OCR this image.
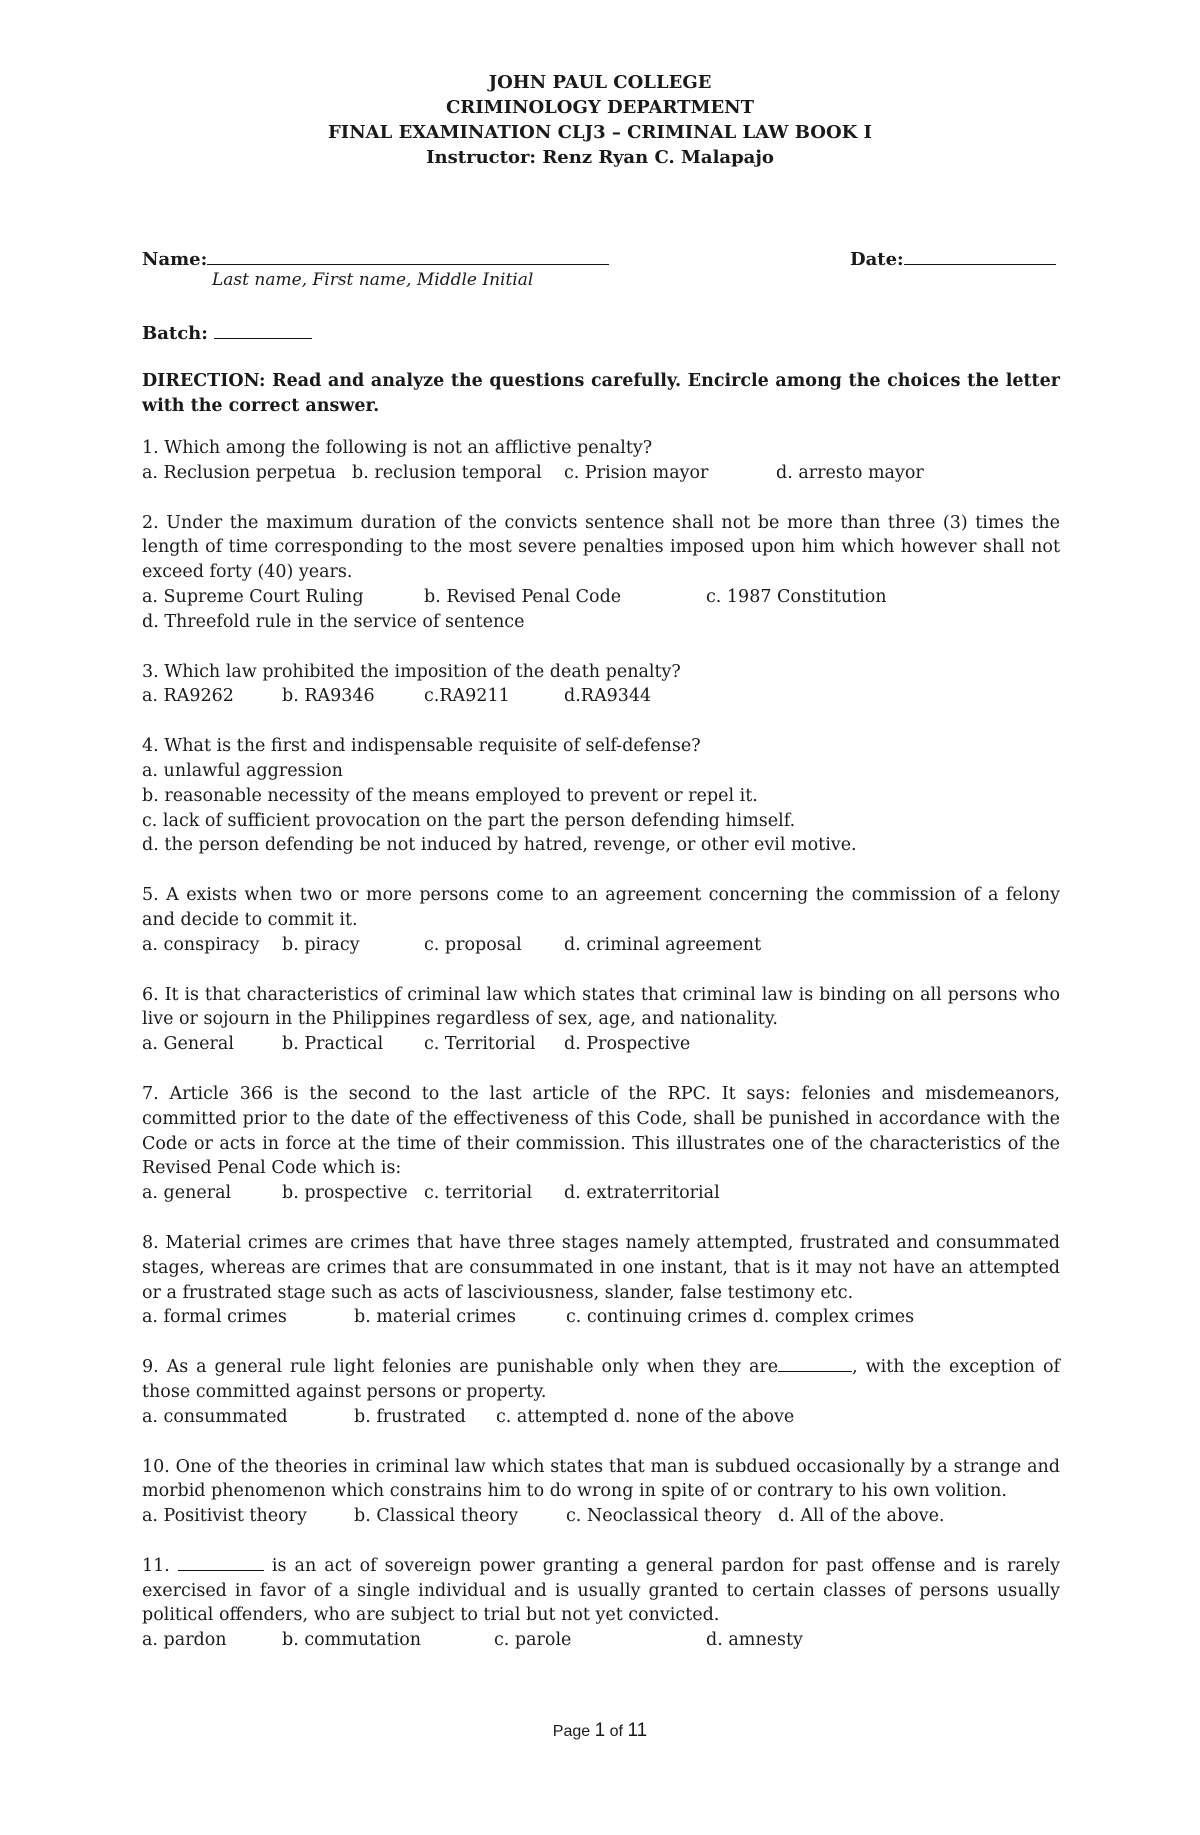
JOHN PAUL COLLEGE
CRIMINOLOGY DEPARTMENT
FINAL EXAMINATION CLJ3 – CRIMINAL LAW BOOK I
Instructor: Renz Ryan C. Malapajo
Name:
Last name, First name, Middle Initial
Date:
Batch:

DIRECTION: Read and analyze the questions carefully. Encircle among the choices the letter with the correct answer.

1. Which among the following is not an afflictive penalty?

a. Reclusion perpetua b. reclusion temporal	c. Prision mayor	d. arresto mayor

2. Under the maximum duration of the convicts sentence shall not be more than three (3) times the length of time corresponding to the most severe penalties imposed upon him which however shall not exceed forty (40) years.

a. Supreme Court Ruling	b. Revised Penal Code	c. 1987 Constitution
d. Threefold rule in the service of sentence

3. Which law prohibited the imposition of the death penalty?

a. RA9262	b. RA9346	c.RA9211	d.RA9344

4. What is the first and indispensable requisite of self-defense?

a. unlawful aggression
b. reasonable necessity of the means employed to prevent or repel it.
c. lack of sufficient provocation on the part the person defending himself.
d. the person defending be not induced by hatred, revenge, or other evil motive.

5. A exists when two or more persons come to an agreement concerning the commission of a felony and decide to commit it.

a. conspiracy	b. piracy	c. proposal	d. criminal agreement

6. It is that characteristics of criminal law which states that criminal law is binding on all persons who live or sojourn in the Philippines regardless of sex, age, and nationality.

a. General	b. Practical	c. Territorial	d. Prospective

7. Article 366 is the second to the last article of the RPC. It says: felonies and misdemeanors, committed prior to the date of the effectiveness of this Code, shall be punished in accordance with the Code or acts in force at the time of their commission. This illustrates one of the characteristics of the Revised Penal Code which is:

a. general	b. prospective c. territorial	d. extraterritorial

8. Material crimes are crimes that have three stages namely attempted, frustrated and consummated stages, whereas are crimes that are consummated in one instant, that is it may not have an attempted or a frustrated stage such as acts of lasciviousness, slander, false testimony etc.

a. formal crimes	b. material crimes	c. continuing crimes d. complex crimes

9. As a general rule light felonies are punishable only when they are	, with the exception of those committed against persons or property.

a. consummated	b. frustrated	c. attempted d. none of the above

10. One of the theories in criminal law which states that man is subdued occasionally by a strange and morbid phenomenon which constrains him to do wrong in spite of or contrary to his own volition.

a. Positivist theory	b. Classical theory	c. Neoclassical theory d. All of the above.

11.	is an act of sovereign power granting a general pardon for past offense and is rarely exercised in favor of a single individual and is usually granted to certain classes of persons usually political offenders, who are subject to trial but not yet convicted.

a. pardon	b. commutation	c. parole	d. amnesty
Page 1 of 11
